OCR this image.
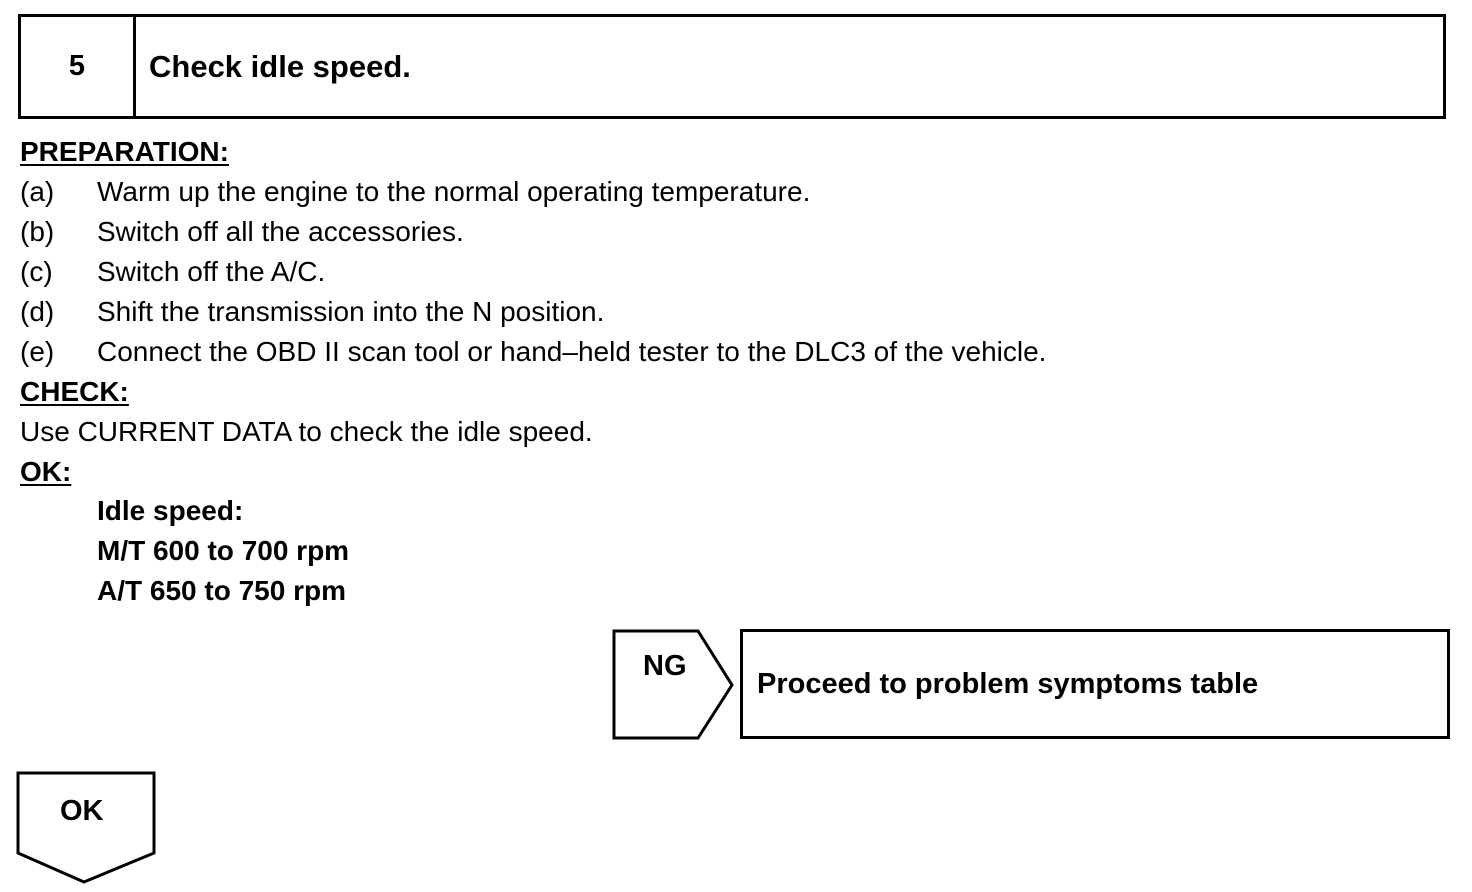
5	Check idle speed.
PREPARATION:
(a) Warm up the engine to the normal operating temperature.
(b) Switch off all the accessories.
(c) Switch off the A/C.
(d) Shift the transmission into the N position.
(e) Connect the OBD II scan tool or hand–held tester to the DLC3 of the vehicle.
CHECK:
Use CURRENT DATA to check the idle speed.
OK:
Idle speed:
M/T 600 to 700 rpm
A/T 650 to 750 rpm
NG
Proceed to problem symptoms table
OK
